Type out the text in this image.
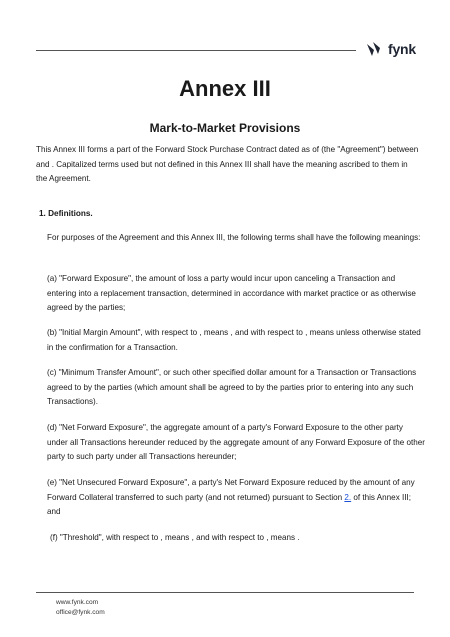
fynk
Annex III
Mark-to-Market Provisions
This Annex III forms a part of the Forward Stock Purchase Contract dated as of (the "Agreement") between and . Capitalized terms used but not defined in this Annex III shall have the meaning ascribed to them in the Agreement.
1. Definitions.
For purposes of the Agreement and this Annex III, the following terms shall have the following meanings:
(a) "Forward Exposure", the amount of loss a party would incur upon canceling a Transaction and entering into a replacement transaction, determined in accordance with market practice or as otherwise agreed by the parties;
(b) "Initial Margin Amount", with respect to , means , and with respect to , means unless otherwise stated in the confirmation for a Transaction.
(c) "Minimum Transfer Amount", or such other specified dollar amount for a Transaction or Transactions agreed to by the parties (which amount shall be agreed to by the parties prior to entering into any such Transactions).
(d) "Net Forward Exposure", the aggregate amount of a party's Forward Exposure to the other party under all Transactions hereunder reduced by the aggregate amount of any Forward Exposure of the other party to such party under all Transactions hereunder;
(e) "Net Unsecured Forward Exposure", a party's Net Forward Exposure reduced by the amount of any Forward Collateral transferred to such party (and not returned) pursuant to Section 2. of this Annex III; and
(f) "Threshold", with respect to , means , and with respect to , means .
www.fynk.com
office@fynk.com
